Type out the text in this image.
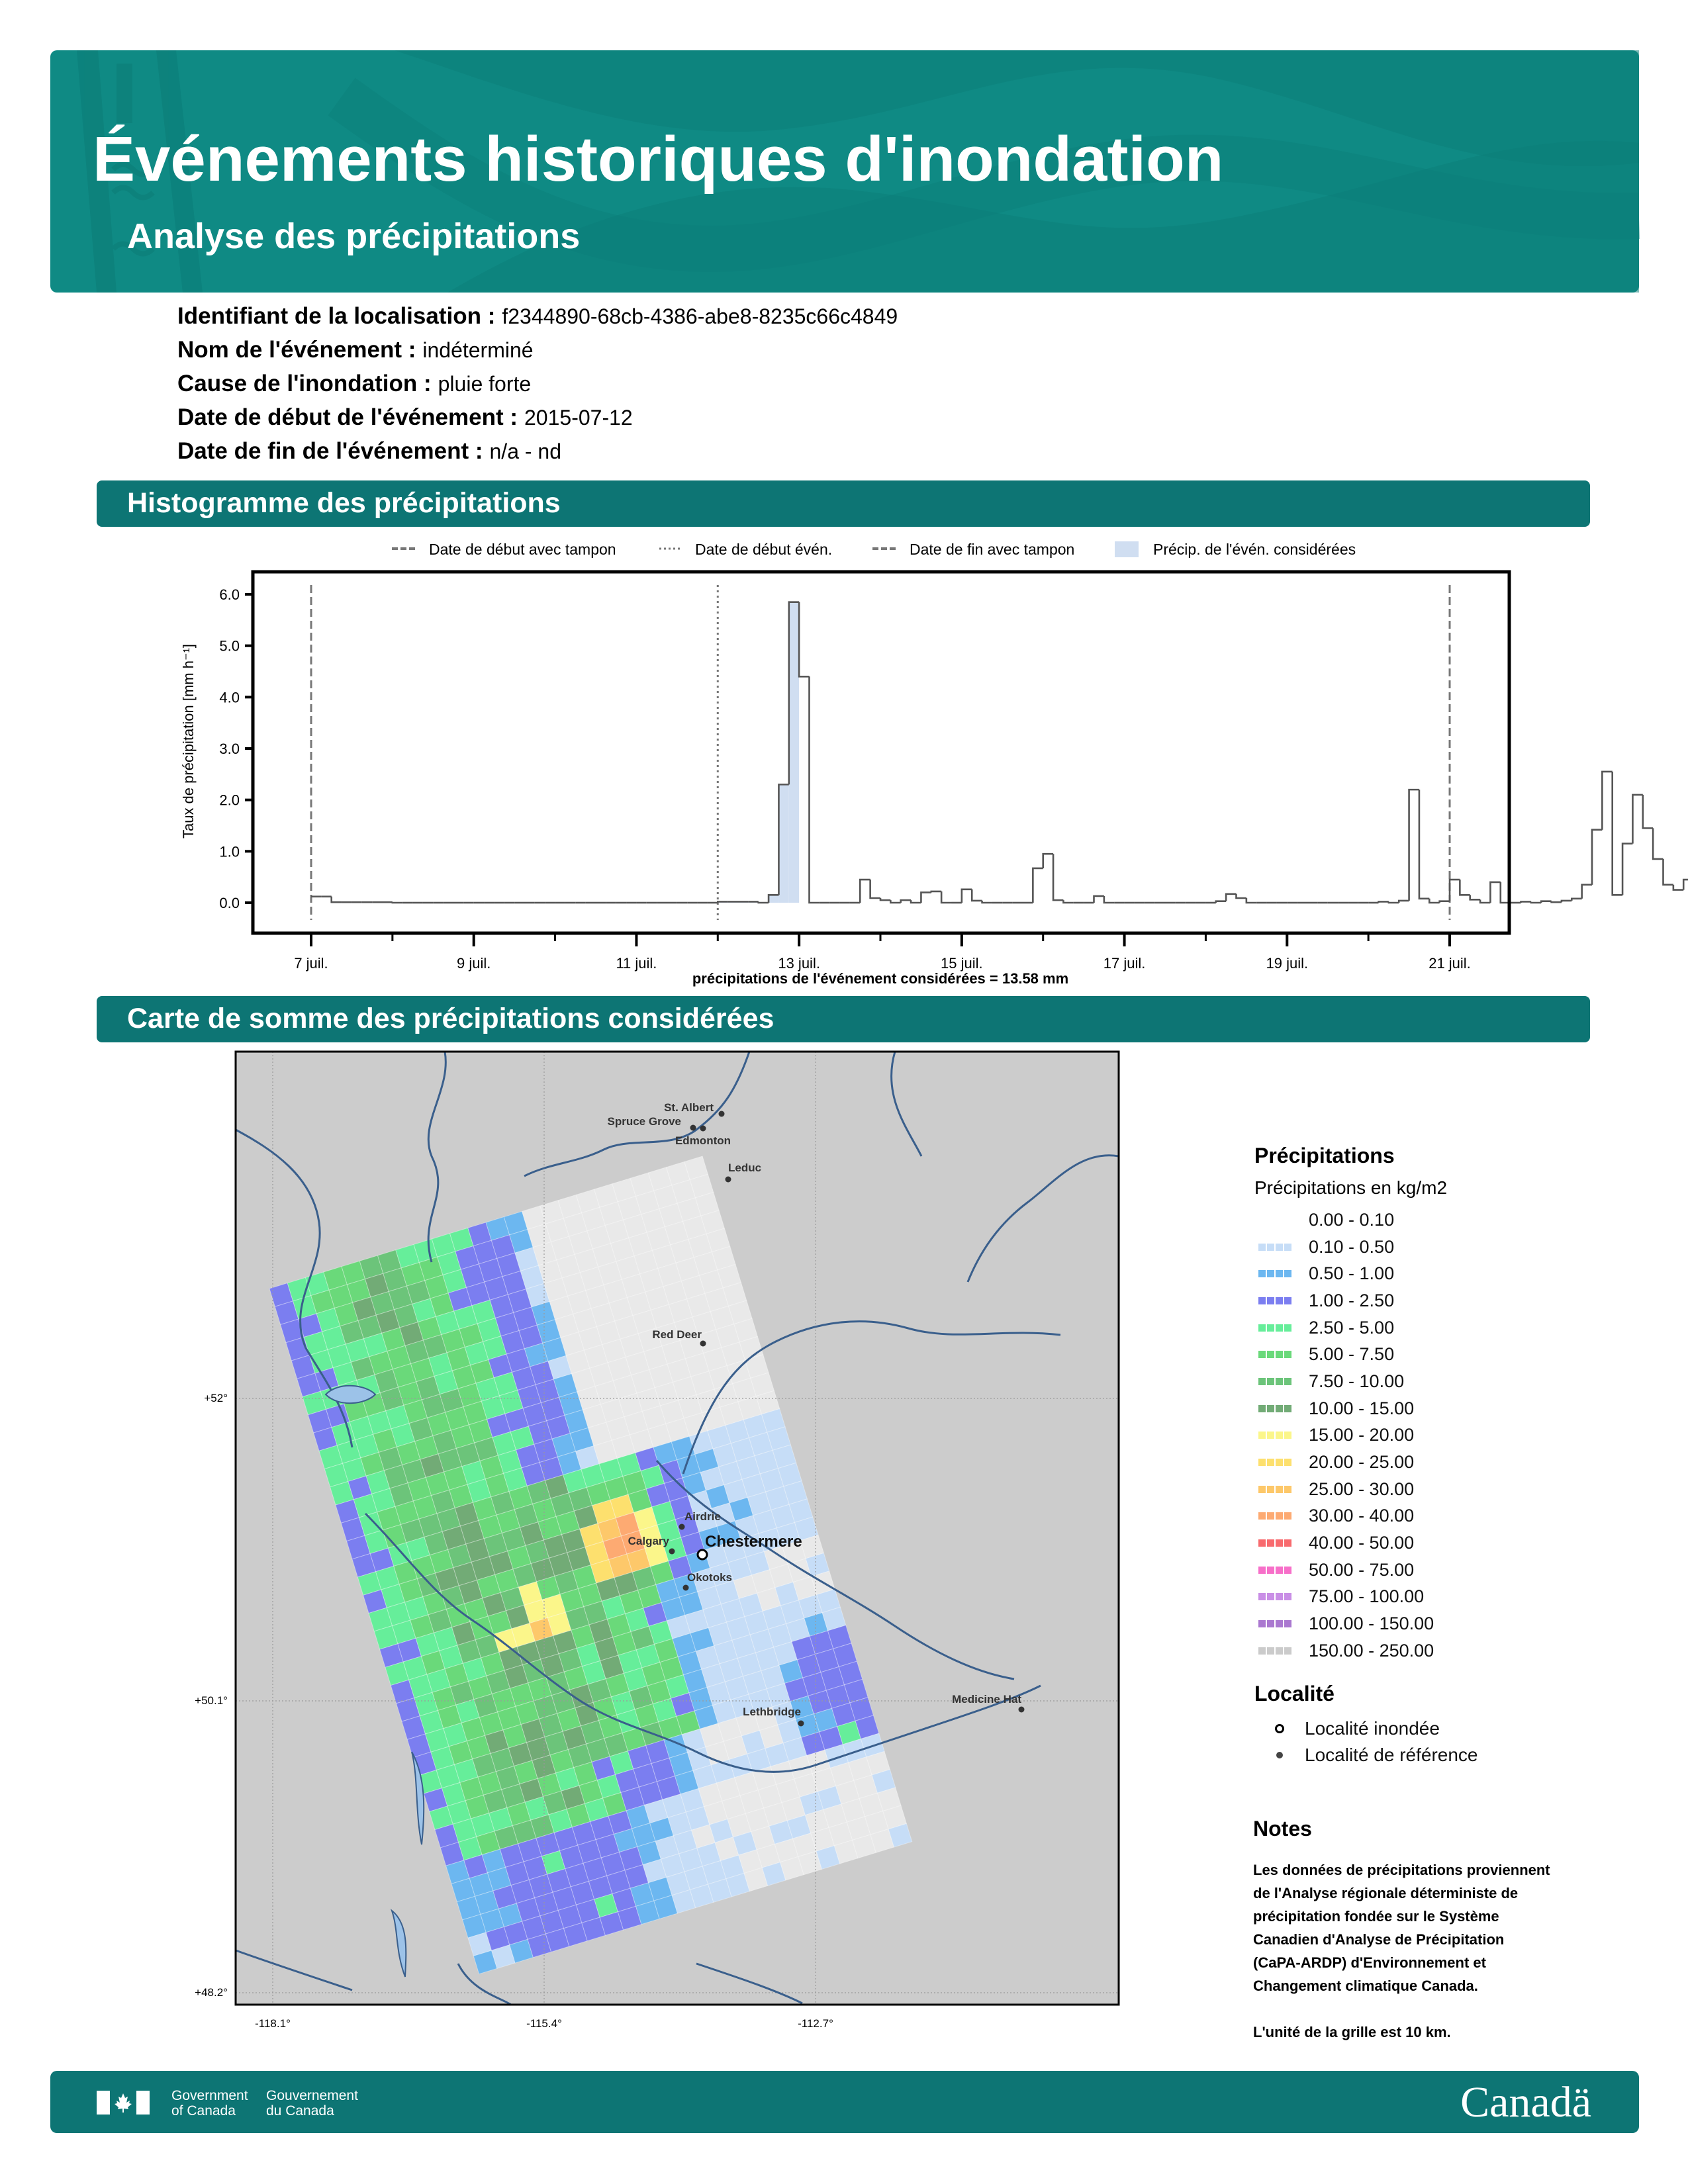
Événements historiques d'inondation
Analyse des précipitations
Identifiant de la localisation : f2344890-68cb-4386-abe8-8235c66c4849
Nom de l'événement : indéterminé
Cause de l'inondation : pluie forte
Date de début de l'événement : 2015-07-12
Date de fin de l'événement : n/a - nd
Histogramme des précipitations
Date de début avec tampon	Date de début évén.	Date de fin avec tampon	Précip. de l'évén. considérées
Taux de précipitation [mm h⁻¹]
0.0
1.0
2.0
3.0
4.0
5.0
6.0
7 juil.	9 juil.	11 juil.	13 juil.	15 juil.	17 juil.	19 juil.	21 juil.
précipitations de l'événement considérées = 13.58 mm
Carte de somme des précipitations considérées
St. Albert
Spruce Grove
Edmonton
Leduc
Red Deer
Airdrie
Calgary Chestermere
Okotoks
Medicine Hat
Lethbridge
+52°
+50.1°
+48.2°
-118.1°	-115.4°	-112.7°
Précipitations
Précipitations en kg/m2
0.00 - 0.10
0.10 - 0.50
0.50 - 1.00
1.00 - 2.50
2.50 - 5.00
5.00 - 7.50
7.50 - 10.00
10.00 - 15.00
15.00 - 20.00
20.00 - 25.00
25.00 - 30.00
30.00 - 40.00
40.00 - 50.00
50.00 - 75.00
75.00 - 100.00
100.00 - 150.00
150.00 - 250.00
Localité
Localité inondée
Localité de référence
Notes
Les données de précipitations proviennent
de l'Analyse régionale déterministe de
précipitation fondée sur le Système
Canadien d'Analyse de Précipitation
(CaPA-ARDP) d'Environnement et
Changement climatique Canada.

L'unité de la grille est 10 km.
Government
of Canada
Gouvernement
du Canada	Canadä
